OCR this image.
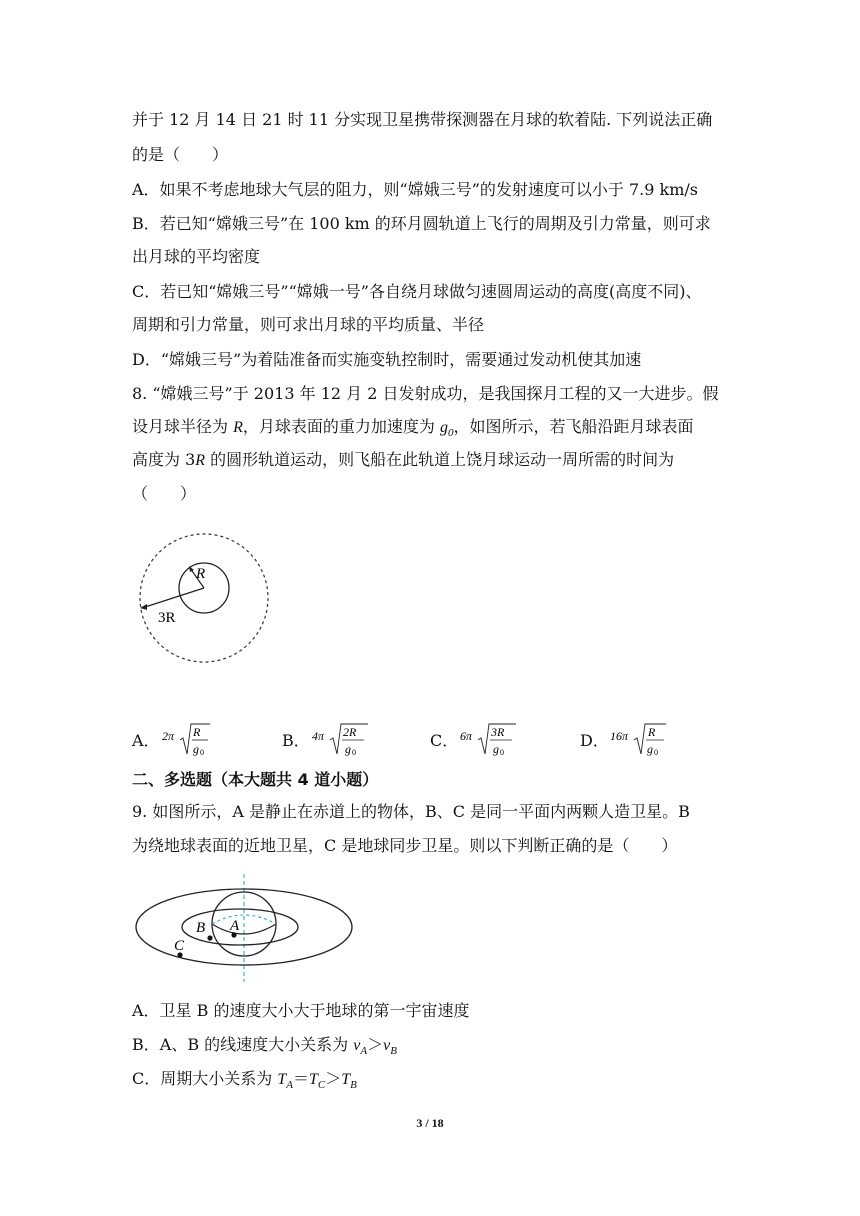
并于 12 月 14 日 21 时 11 分实现卫星携带探测器在月球的软着陆. 下列说法正确
的是（　　）
A．如果不考虑地球大气层的阻力，则“嫦娥三号”的发射速度可以小于 7.9 km/s
B．若已知“嫦娥三号”在 100 km 的环月圆轨道上飞行的周期及引力常量，则可求
出月球的平均密度
C．若已知“嫦娥三号”“嫦娥一号”各自绕月球做匀速圆周运动的高度(高度不同)、
周期和引力常量，则可求出月球的平均质量、半径
D．“嫦娥三号”为着陆准备而实施变轨控制时，需要通过发动机使其加速
8. “嫦娥三号”于 2013 年 12 月 2 日发射成功，是我国探月工程的又一大进步。假
设月球半径为 R，月球表面的重力加速度为 $g_0$，如图所示，若飞船沿距月球表面
高度为 3R 的圆形轨道运动，则飞船在此轨道上饶月球运动一周所需的时间为
（　　）
R
3R
A． 2π R
g 0
B． 4π 2R
g 0
C． 6π 3R
g 0
D． 16π R
g 0
二、多选题（本大题共 4 道小题）
9. 如图所示，A 是静止在赤道上的物体，B、C 是同一平面内两颗人造卫星。B
为绕地球表面的近地卫星，C 是地球同步卫星。则以下判断正确的是（　　）
A
B
C
A．卫星 B 的速度大小大于地球的第一宇宙速度
B．A、B 的线速度大小关系为 $v_A>v_B$
C．周期大小关系为 $T_A=T_C>T_B$
3 / 18
